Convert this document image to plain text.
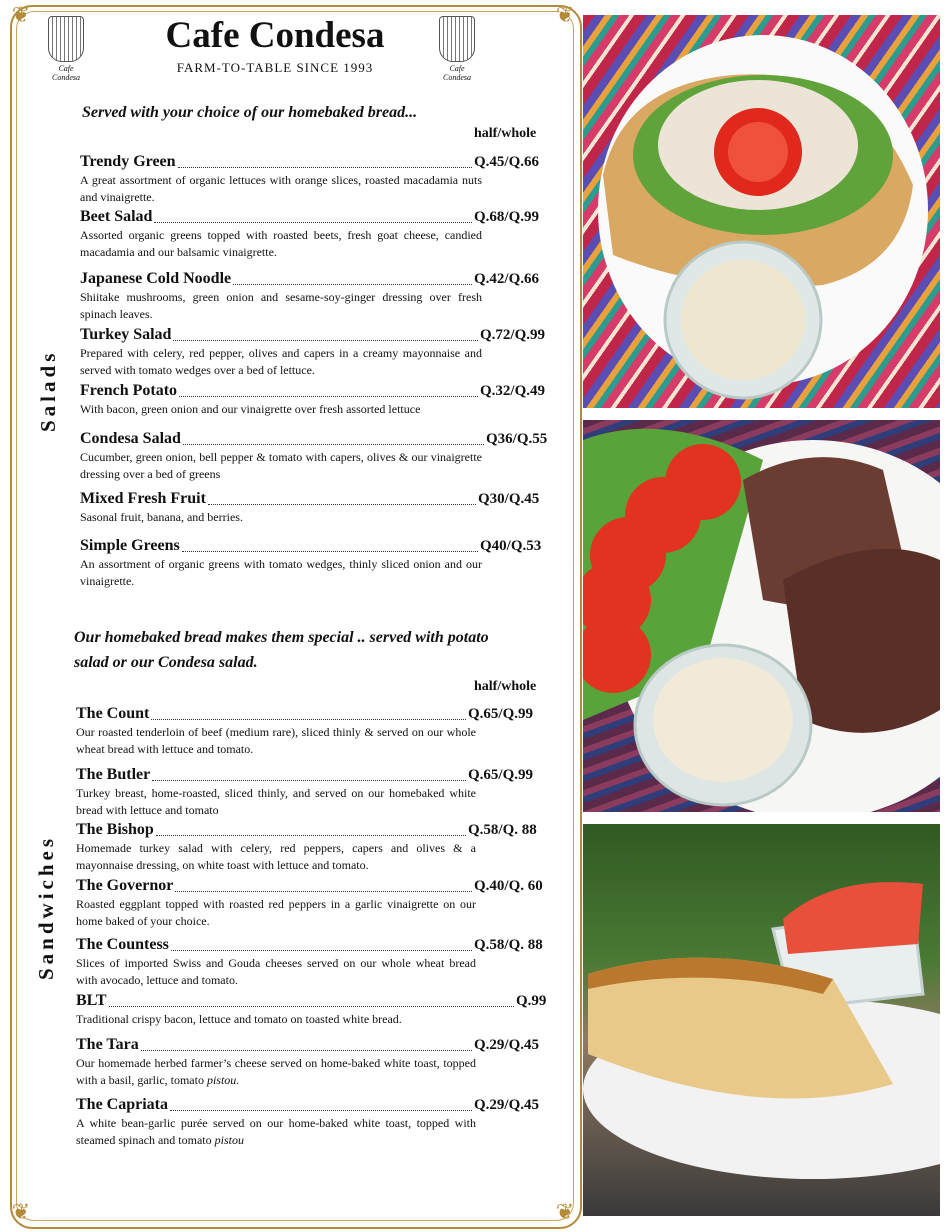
❦	❦
❦	❦
Cafe Condesa
Cafe Condesa
Cafe Condesa
FARM-TO-TABLE SINCE 1993
Served with your choice of our homebaked bread...
half/whole
Salads
Trendy Green	Q.45/Q.66
A great assortment of organic lettuces with orange slices, roasted macadamia nuts and vinaigrette.
Beet Salad	Q.68/Q.99
Assorted organic greens topped with roasted beets, fresh goat cheese, candied macadamia and our balsamic vinaigrette.
Japanese Cold Noodle	Q.42/Q.66
Shiitake mushrooms, green onion and sesame-soy-ginger dressing over fresh spinach leaves.
Turkey Salad	Q.72/Q.99
Prepared with celery, red pepper, olives and capers in a creamy mayonnaise and served with tomato wedges over a bed of lettuce.
French Potato	Q.32/Q.49
With bacon, green onion and our vinaigrette over fresh assorted lettuce
Condesa Salad	Q36/Q.55
Cucumber, green onion, bell pepper & tomato with capers, olives & our vinaigrette dressing over a bed of greens
Mixed Fresh Fruit	Q30/Q.45
Sasonal fruit, banana, and berries.
Simple Greens	Q40/Q.53
An assortment of organic greens with tomato wedges, thinly sliced onion and our vinaigrette.
Our homebaked bread makes them special .. served with potato
salad or our Condesa salad.
half/whole
Sandwiches
The Count	Q.65/Q.99
Our roasted tenderloin of beef (medium rare), sliced thinly & served on our whole wheat bread with lettuce and tomato.
The Butler	Q.65/Q.99
Turkey breast, home-roasted, sliced thinly, and served on our homebaked white bread with lettuce and tomato
The Bishop	Q.58/Q. 88
Homemade turkey salad with celery, red peppers, capers and olives & a mayonnaise dressing, on white toast with lettuce and tomato.
The Governor	Q.40/Q. 60
Roasted eggplant topped with roasted red peppers in a garlic vinaigrette on our home baked of your choice.
The Countess	Q.58/Q. 88
Slices of imported Swiss and Gouda cheeses served on our whole wheat bread with avocado, lettuce and tomato.
BLT	Q.99
Traditional crispy bacon, lettuce and tomato on toasted white bread.
The Tara	Q.29/Q.45
Our homemade herbed farmer’s cheese served on home-baked white toast, topped with a basil, garlic, tomato pistou.
The Capriata	Q.29/Q.45
A white bean-garlic purée served on our home-baked white toast, topped with steamed spinach and tomato pistou
